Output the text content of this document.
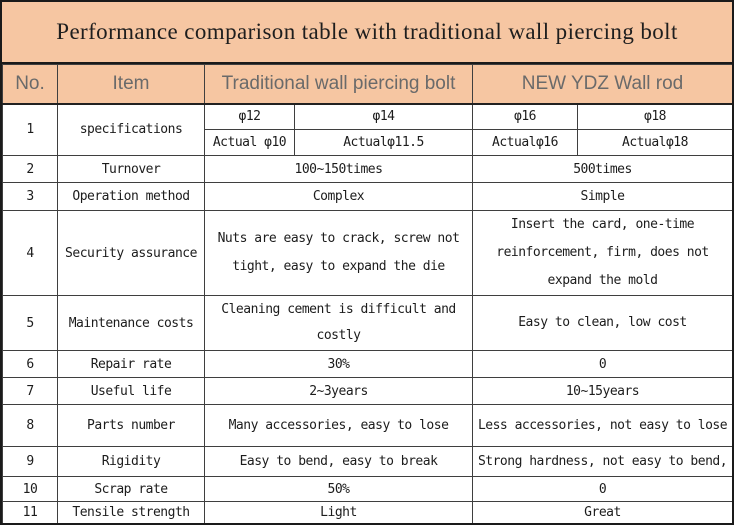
Performance comparison table with traditional wall piercing bolt
No.	Item	Traditional wall piercing bolt		NEW YDZ Wall rod	
1	specifications	φ12	φ14	φ16	φ18
		Actual φ10	Actualφ11.5	Actualφ16	Actualφ18
2	Turnover	100~150times		500times	
3	Operation method	Complex		Simple	
4	Security assurance	Nuts are easy to crack, screw not tight, easy to expand the die		Insert the card, one-time reinforcement, firm, does not expand the mold	
5	Maintenance costs	Cleaning cement is difficult and costly		Easy to clean, low cost	
6	Repair rate	30%		0	
7	Useful life	2~3years		10~15years	
8	Parts number	Many accessories, easy to lose		Less accessories, not easy to lose	
9	Rigidity	Easy to bend, easy to break		Strong hardness, not easy to bend,	
10	Scrap rate	50%		0	
11	Tensile strength	Light		Great	
